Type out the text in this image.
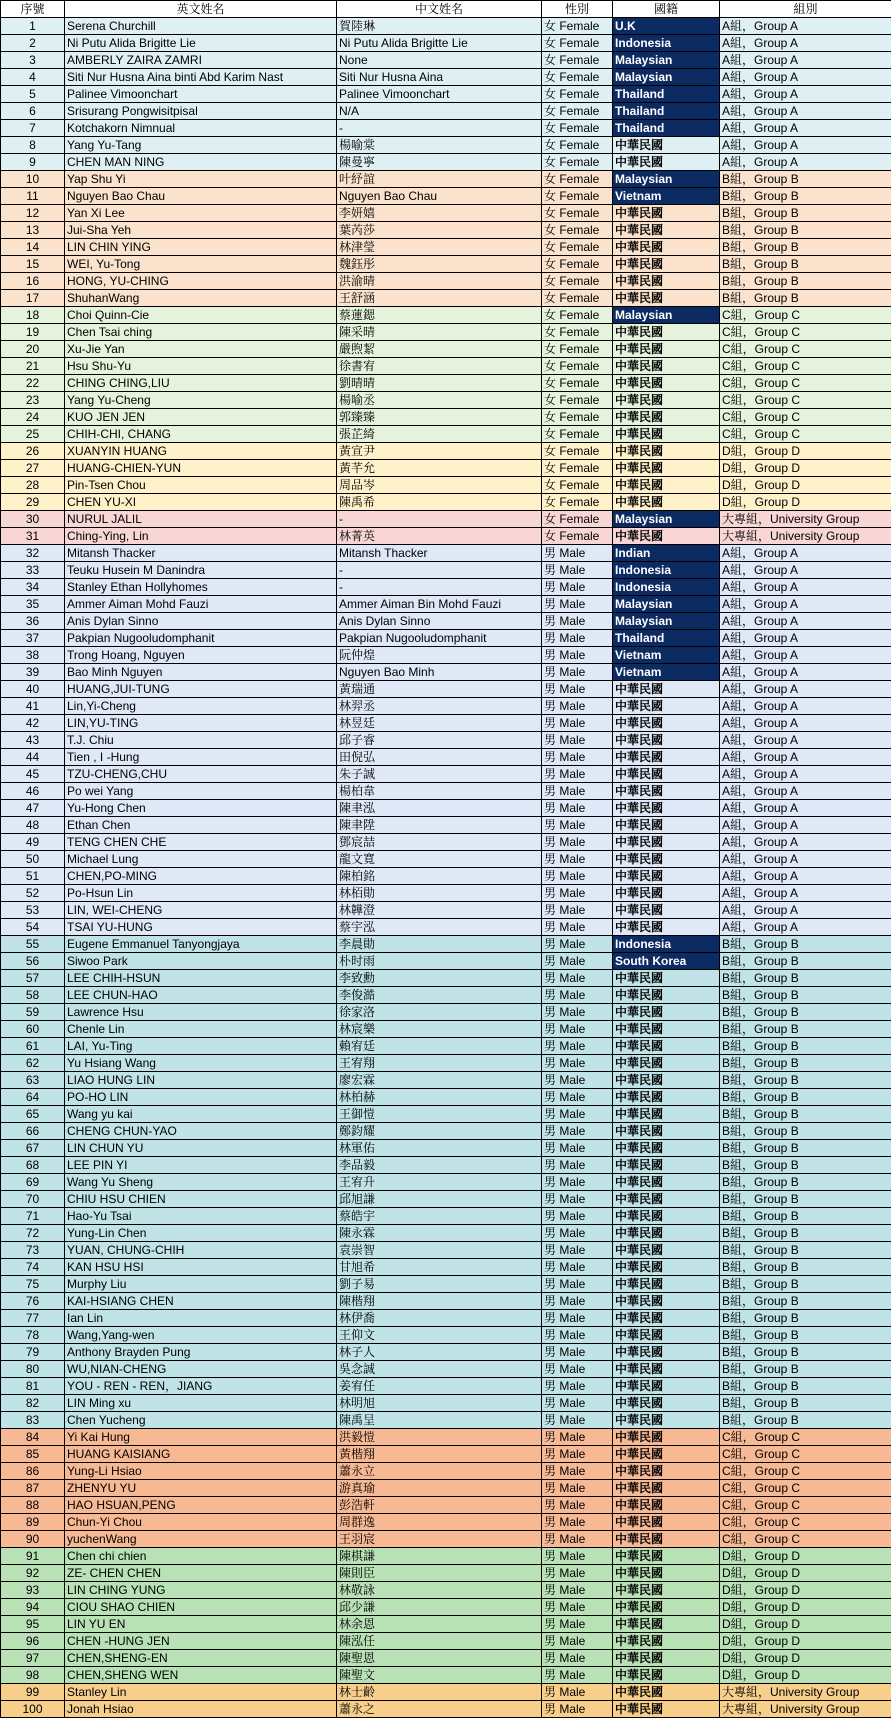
序號	英文姓名	中文姓名	性別	國籍	組別
1	Serena Churchill	賀陸琳	女 Female	U.K	A組，Group A
2	Ni Putu Alida Brigitte Lie	Ni Putu Alida Brigitte Lie	女 Female	Indonesia	A組，Group A
3	AMBERLY ZAIRA ZAMRI	None	女 Female	Malaysian	A組，Group A
4	Siti Nur Husna Aina binti Abd Karim Nast	Siti Nur Husna Aina	女 Female	Malaysian	A組，Group A
5	Palinee Vimoonchart	Palinee Vimoonchart	女 Female	Thailand	A組，Group A
6	Srisurang Pongwisitpisal	N/A	女 Female	Thailand	A組，Group A
7	Kotchakorn Nimnual	-	女 Female	Thailand	A組，Group A
8	Yang Yu-Tang	楊喻棠	女 Female	中華民國	A組，Group A
9	CHEN MAN NING	陳曼寧	女 Female	中華民國	A組，Group A
10	Yap Shu Yi	叶紓誼	女 Female	Malaysian	B組，Group B
11	Nguyen Bao Chau	Nguyen Bao Chau	女 Female	Vietnam	B組，Group B
12	Yan Xi Lee	李妍嬉	女 Female	中華民國	B組，Group B
13	Jui-Sha Yeh	葉芮莎	女 Female	中華民國	B組，Group B
14	LIN CHIN YING	林津瑩	女 Female	中華民國	B組，Group B
15	WEI, Yu-Tong	魏鈺彤	女 Female	中華民國	B組，Group B
16	HONG, YU-CHING	洪渝晴	女 Female	中華民國	B組，Group B
17	ShuhanWang	王舒涵	女 Female	中華民國	B組，Group B
18	Choi Quinn-Cie	蔡蓮鍶	女 Female	Malaysian	C組，Group C
19	Chen Tsai ching	陳采晴	女 Female	中華民國	C組，Group C
20	Xu-Jie Yan	嚴煦絜	女 Female	中華民國	C組，Group C
21	Hsu Shu-Yu	徐書宥	女 Female	中華民國	C組，Group C
22	CHING CHING,LIU	劉晴晴	女 Female	中華民國	C組，Group C
23	Yang Yu-Cheng	楊喻丞	女 Female	中華民國	C組，Group C
24	KUO JEN JEN	郭臻臻	女 Female	中華民國	C組，Group C
25	CHIH-CHI, CHANG	張芷綺	女 Female	中華民國	C組，Group C
26	XUANYIN HUANG	黃宣尹	女 Female	中華民國	D組，Group D
27	HUANG-CHIEN-YUN	黃芊允	女 Female	中華民國	D組，Group D
28	Pin-Tsen Chou	周品岑	女 Female	中華民國	D組，Group D
29	CHEN YU-XI	陳禹希	女 Female	中華民國	D組，Group D
30	NURUL JALIL	-	女 Female	Malaysian	大專組，University Group
31	Ching-Ying, Lin	林菁英	女 Female	中華民國	大專組，University Group
32	Mitansh Thacker	Mitansh Thacker	男 Male	Indian	A組，Group A
33	Teuku Husein M Danindra	-	男 Male	Indonesia	A組，Group A
34	Stanley Ethan Hollyhomes	-	男 Male	Indonesia	A組，Group A
35	Ammer Aiman Mohd Fauzi	Ammer Aiman Bin Mohd Fauzi	男 Male	Malaysian	A組，Group A
36	Anis Dylan Sinno	Anis Dylan Sinno	男 Male	Malaysian	A組，Group A
37	Pakpian Nugooludomphanit	Pakpian Nugooludomphanit	男 Male	Thailand	A組，Group A
38	Trong Hoang, Nguyen	阮仲煌	男 Male	Vietnam	A組，Group A
39	Bao Minh Nguyen	Nguyen Bao Minh	男 Male	Vietnam	A組，Group A
40	HUANG,JUI-TUNG	黃瑞通	男 Male	中華民國	A組，Group A
41	Lin,Yi-Cheng	林羿丞	男 Male	中華民國	A組，Group A
42	LIN,YU-TING	林昱廷	男 Male	中華民國	A組，Group A
43	T.J. Chiu	邱子睿	男 Male	中華民國	A組，Group A
44	Tien , I -Hung	田倪弘	男 Male	中華民國	A組，Group A
45	TZU-CHENG,CHU	朱子誠	男 Male	中華民國	A組，Group A
46	Po wei Yang	楊柏韋	男 Male	中華民國	A組，Group A
47	Yu-Hong Chen	陳聿泓	男 Male	中華民國	A組，Group A
48	Ethan Chen	陳聿陞	男 Male	中華民國	A組，Group A
49	TENG CHEN CHE	鄧宸喆	男 Male	中華民國	A組，Group A
50	Michael Lung	龍文寬	男 Male	中華民國	A組，Group A
51	CHEN,PO-MING	陳柏銘	男 Male	中華民國	A組，Group A
52	Po-Hsun Lin	林栢勛	男 Male	中華民國	A組，Group A
53	LIN, WEI-CHENG	林韡澄	男 Male	中華民國	A組，Group A
54	TSAI YU-HUNG	蔡宇泓	男 Male	中華民國	A組，Group A
55	Eugene Emmanuel Tanyongjaya	李晨勛	男 Male	Indonesia	B組，Group B
56	Siwoo Park	朴时雨	男 Male	South Korea	B組，Group B
57	LEE CHIH-HSUN	李致勳	男 Male	中華民國	B組，Group B
58	LEE CHUN-HAO	李俊澔	男 Male	中華民國	B組，Group B
59	Lawrence Hsu	徐家洛	男 Male	中華民國	B組，Group B
60	Chenle Lin	林宸樂	男 Male	中華民國	B組，Group B
61	LAI, Yu-Ting	賴宥廷	男 Male	中華民國	B組，Group B
62	Yu Hsiang Wang	王宥翔	男 Male	中華民國	B組，Group B
63	LIAO HUNG LIN	廖宏霖	男 Male	中華民國	B組，Group B
64	PO-HO LIN	林柏赫	男 Male	中華民國	B組，Group B
65	Wang yu kai	王御愷	男 Male	中華民國	B組，Group B
66	CHENG CHUN-YAO	鄭鈞耀	男 Male	中華民國	B組，Group B
67	LIN CHUN YU	林軍佑	男 Male	中華民國	B組，Group B
68	LEE PIN YI	李品毅	男 Male	中華民國	B組，Group B
69	Wang Yu Sheng	王宥升	男 Male	中華民國	B組，Group B
70	CHIU HSU CHIEN	邱旭謙	男 Male	中華民國	B組，Group B
71	Hao-Yu Tsai	蔡皓宇	男 Male	中華民國	B組，Group B
72	Yung-Lin Chen	陳永霖	男 Male	中華民國	B組，Group B
73	YUAN, CHUNG-CHIH	袁崇智	男 Male	中華民國	B組，Group B
74	KAN HSU HSI	甘旭希	男 Male	中華民國	B組，Group B
75	Murphy Liu	劉子易	男 Male	中華民國	B組，Group B
76	KAI-HSIANG CHEN	陳楷翔	男 Male	中華民國	B組，Group B
77	Ian Lin	林伊喬	男 Male	中華民國	B組，Group B
78	Wang,Yang-wen	王仰文	男 Male	中華民國	B組，Group B
79	Anthony Brayden Pung	林子人	男 Male	中華民國	B組，Group B
80	WU,NIAN-CHENG	吳念誠	男 Male	中華民國	B組，Group B
81	YOU - REN - REN，JIANG	姜宥任	男 Male	中華民國	B組，Group B
82	LIN Ming xu	林明旭	男 Male	中華民國	B組，Group B
83	Chen Yucheng	陳禹呈	男 Male	中華民國	B組，Group B
84	Yi Kai Hung	洪毅愷	男 Male	中華民國	C組，Group C
85	HUANG KAISIANG	黃楷翔	男 Male	中華民國	C組，Group C
86	Yung-Li Hsiao	蕭永立	男 Male	中華民國	C組，Group C
87	ZHENYU YU	游真瑜	男 Male	中華民國	C組，Group C
88	HAO HSUAN,PENG	彭浩軒	男 Male	中華民國	C組，Group C
89	Chun-Yi Chou	周群逸	男 Male	中華民國	C組，Group C
90	yuchenWang	王羽宸	男 Male	中華民國	C組，Group C
91	Chen chi chien	陳棋謙	男 Male	中華民國	D組，Group D
92	ZE- CHEN CHEN	陳則臣	男 Male	中華民國	D組，Group D
93	LIN CHING YUNG	林敬詠	男 Male	中華民國	D組，Group D
94	CIOU SHAO CHIEN	邱少謙	男 Male	中華民國	D組，Group D
95	LIN YU EN	林余恩	男 Male	中華民國	D組，Group D
96	CHEN -HUNG JEN	陳泓任	男 Male	中華民國	D組，Group D
97	CHEN,SHENG-EN	陳聖恩	男 Male	中華民國	D組，Group D
98	CHEN,SHENG WEN	陳聖文	男 Male	中華民國	D組，Group D
99	Stanley Lin	林士齡	男 Male	中華民國	大專組，University Group
100	Jonah Hsiao	蕭永之	男 Male	中華民國	大專組，University Group
